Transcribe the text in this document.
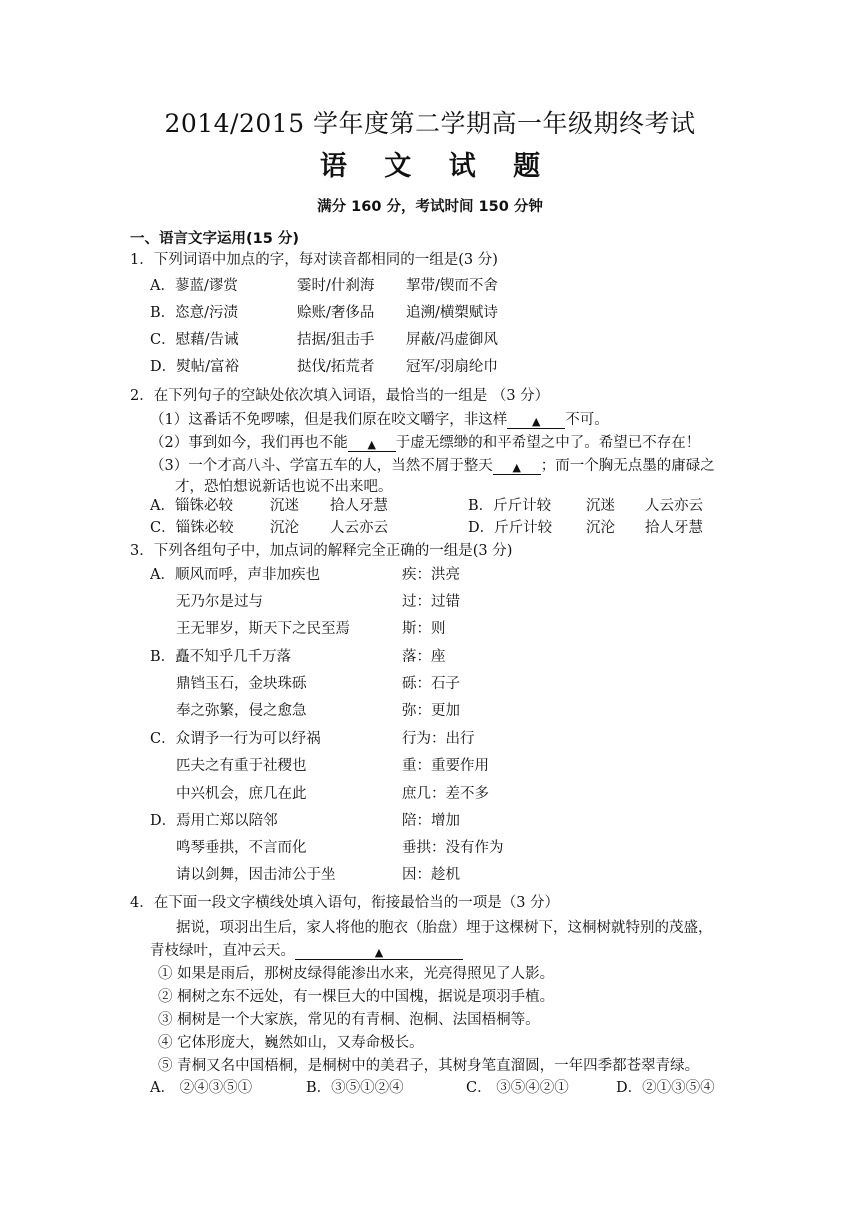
2014/2015 学年度第二学期高一年级期终考试
语 文 试 题
满分 160 分，考试时间 150 分钟
一、语言文字运用(15 分)
1．下列词语中加点的字，每对读音都相同的一组是(3 分)
A．蓼蓝/谬赏	霎时/什刹海 挈带/锲而不舍
B．恣意/污渍	赊账/奢侈品 追溯/横槊赋诗
C．慰藉/告诫	拮据/狙击手 屏蔽/冯虚御风
D．熨帖/富裕	挞伐/拓荒者 冠军/羽扇纶巾
2．在下列句子的空缺处依次填入词语，最恰当的一组是 （3 分）
（1）这番话不免啰嗦，但是我们原在咬文嚼字，非这样 ▲ 不可。
（2）事到如今，我们再也不能 ▲ 于虚无缥缈的和平希望之中了。希望已不存在！
（3）一个才高八斗、学富五车的人，当然不屑于整天 ▲ ；而一个胸无点墨的庸碌之
才，恐怕想说新话也说不出来吧。
A．锱铢必较	沉迷 拾人牙慧	B．斤斤计较 沉迷 人云亦云
C．锱铢必较	沉沦 人云亦云	D．斤斤计较 沉沦 拾人牙慧
3．下列各组句子中，加点词的解释完全正确的一组是(3 分)
A．顺风而呼，声非加疾也	疾：洪亮
无乃尔是过与	过：过错
王无罪岁，斯天下之民至焉	斯：则
B．矗不知乎几千万落	落：座
鼎铛玉石，金块珠砾	砾：石子
奉之弥繁，侵之愈急	弥：更加
C．众谓予一行为可以纾祸	行为：出行
匹夫之有重于社稷也	重：重要作用
中兴机会，庶几在此	庶几：差不多
D．焉用亡郑以陪邻	陪：增加
鸣琴垂拱，不言而化	垂拱：没有作为
请以剑舞，因击沛公于坐	因：趁机
4．在下面一段文字横线处填入语句，衔接最恰当的一项是（3 分）
据说，项羽出生后，家人将他的胞衣（胎盘）埋于这棵树下，这桐树就特别的茂盛，
青枝绿叶，直冲云天。	▲
① 如果是雨后，那树皮绿得能渗出水来，光亮得照见了人影。
② 桐树之东不远处，有一棵巨大的中国槐，据说是项羽手植。
③ 桐树是一个大家族，常见的有青桐、泡桐、法国梧桐等。
④ 它体形庞大，巍然如山，又寿命极长。
⑤ 青桐又名中国梧桐，是桐树中的美君子，其树身笔直溜圆，一年四季都苍翠青绿。
A． ②④③⑤①	B．③⑤①②④	C． ③⑤④②①	D．②①③⑤④
